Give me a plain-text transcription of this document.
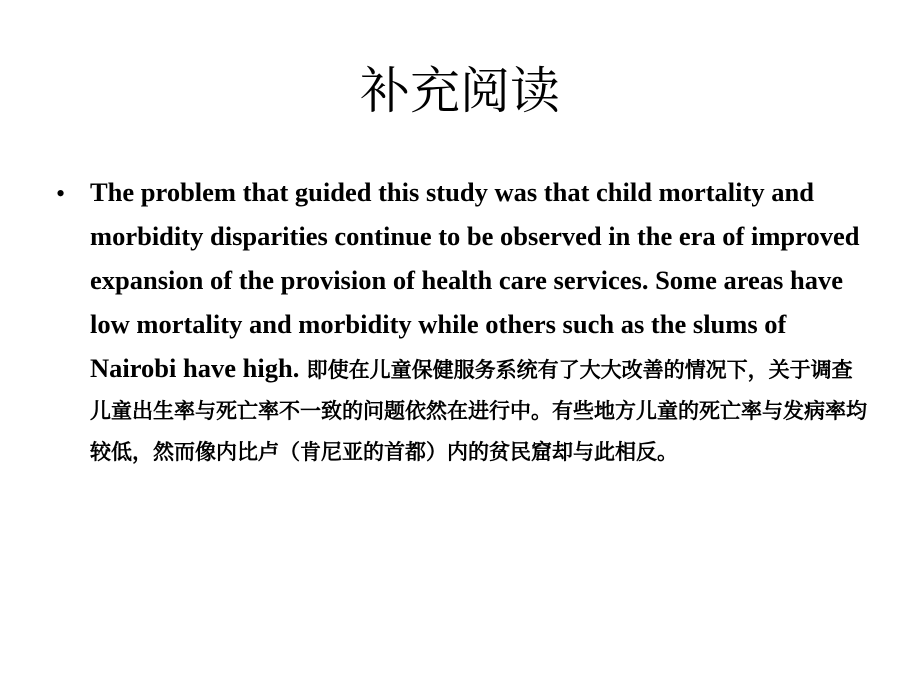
补充阅读
• The problem that guided this study was that child mortality and morbidity disparities continue to be observed in the era of improved expansion of the provision of health care services. Some areas have low mortality and morbidity while others such as the slums of Nairobi have high. 即使在儿童保健服务系统有了大大改善的情况下，关于调查儿童出生率与死亡率不一致的问题依然在进行中。有些地方儿童的死亡率与发病率均较低，然而像内比卢（肯尼亚的首都）内的贫民窟却与此相反。
